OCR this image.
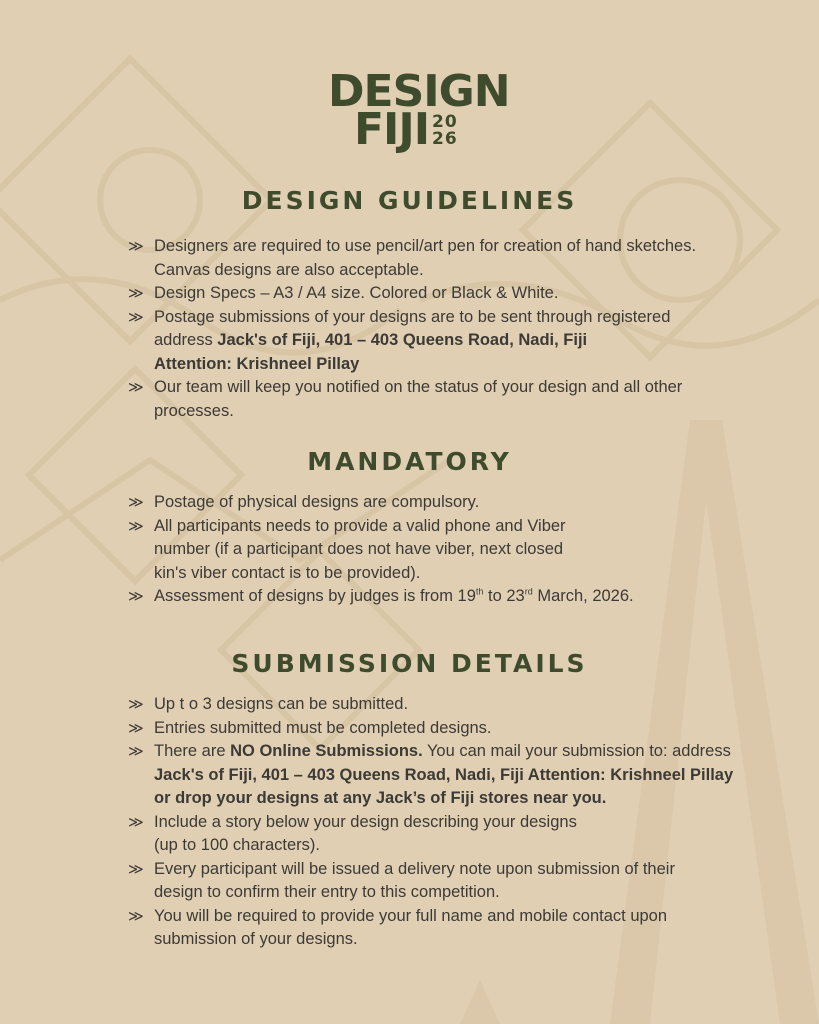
DESIGN
FIJI 20
26
DESIGN GUIDELINES
≫ Designers are required to use pencil/art pen for creation of hand sketches.
Canvas designs are also acceptable.
≫ Design Specs – A3 / A4 size. Colored or Black & White.
≫ Postage submissions of your designs are to be sent through registered
address Jack's of Fiji, 401 – 403 Queens Road, Nadi, Fiji
Attention: Krishneel Pillay
≫ Our team will keep you notified on the status of your design and all other
processes.
MANDATORY
≫ Postage of physical designs are compulsory.
≫ All participants needs to provide a valid phone and Viber
number (if a participant does not have viber, next closed
kin's viber contact is to be provided).
≫ Assessment of designs by judges is from 19th to 23rd March, 2026.
SUBMISSION DETAILS
≫ Up t o 3 designs can be submitted.
≫ Entries submitted must be completed designs.
≫ There are NO Online Submissions. You can mail your submission to: address
Jack's of Fiji, 401 – 403 Queens Road, Nadi, Fiji Attention: Krishneel Pillay
or drop your designs at any Jack’s of Fiji stores near you.
≫ Include a story below your design describing your designs
(up to 100 characters).
≫ Every participant will be issued a delivery note upon submission of their
design to confirm their entry to this competition.
≫ You will be required to provide your full name and mobile contact upon
submission of your designs.
